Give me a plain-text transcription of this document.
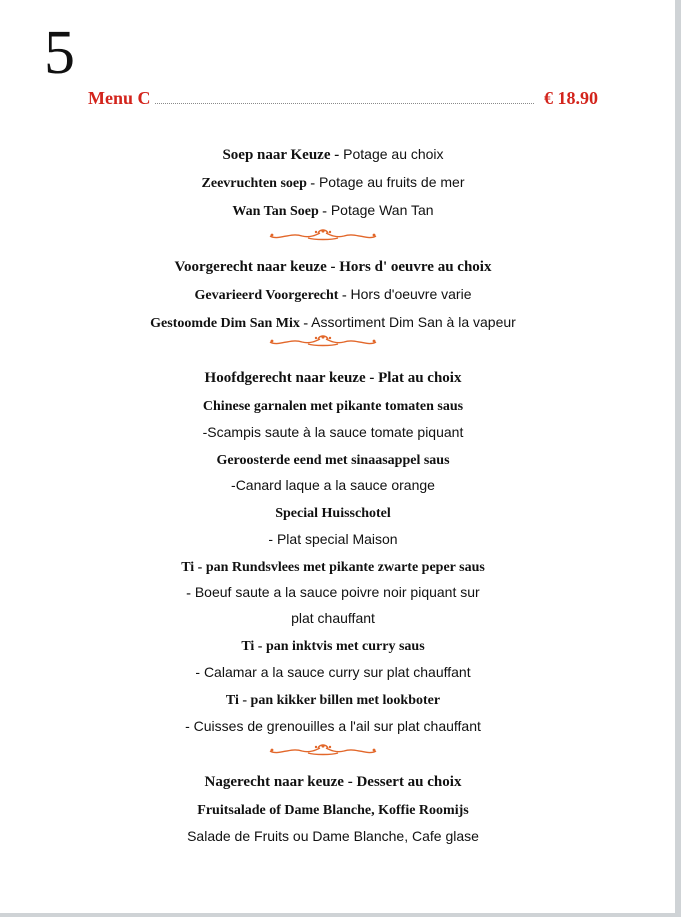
5
Menu C	€ 18.90
Soep naar Keuze - Potage au choix
Zeevruchten soep - Potage au fruits de mer
Wan Tan Soep - Potage Wan Tan
Voorgerecht naar keuze - Hors d' oeuvre au choix
Gevarieerd Voorgerecht - Hors d'oeuvre varie
Gestoomde Dim San Mix - Assortiment Dim San à la vapeur
Hoofdgerecht naar keuze - Plat au choix
Chinese garnalen met pikante tomaten saus
-Scampis saute à la sauce tomate piquant
Geroosterde eend met sinaasappel saus
-Canard laque a la sauce orange
Special Huisschotel
- Plat special Maison
Ti - pan Rundsvlees met pikante zwarte peper saus
- Boeuf saute a la sauce poivre noir piquant sur
plat chauffant
Ti - pan inktvis met curry saus
- Calamar a la sauce curry sur plat chauffant
Ti - pan kikker billen met lookboter
- Cuisses de grenouilles a l'ail sur plat chauffant
Nagerecht naar keuze - Dessert au choix
Fruitsalade of Dame Blanche, Koffie Roomijs
Salade de Fruits ou Dame Blanche, Cafe glase
